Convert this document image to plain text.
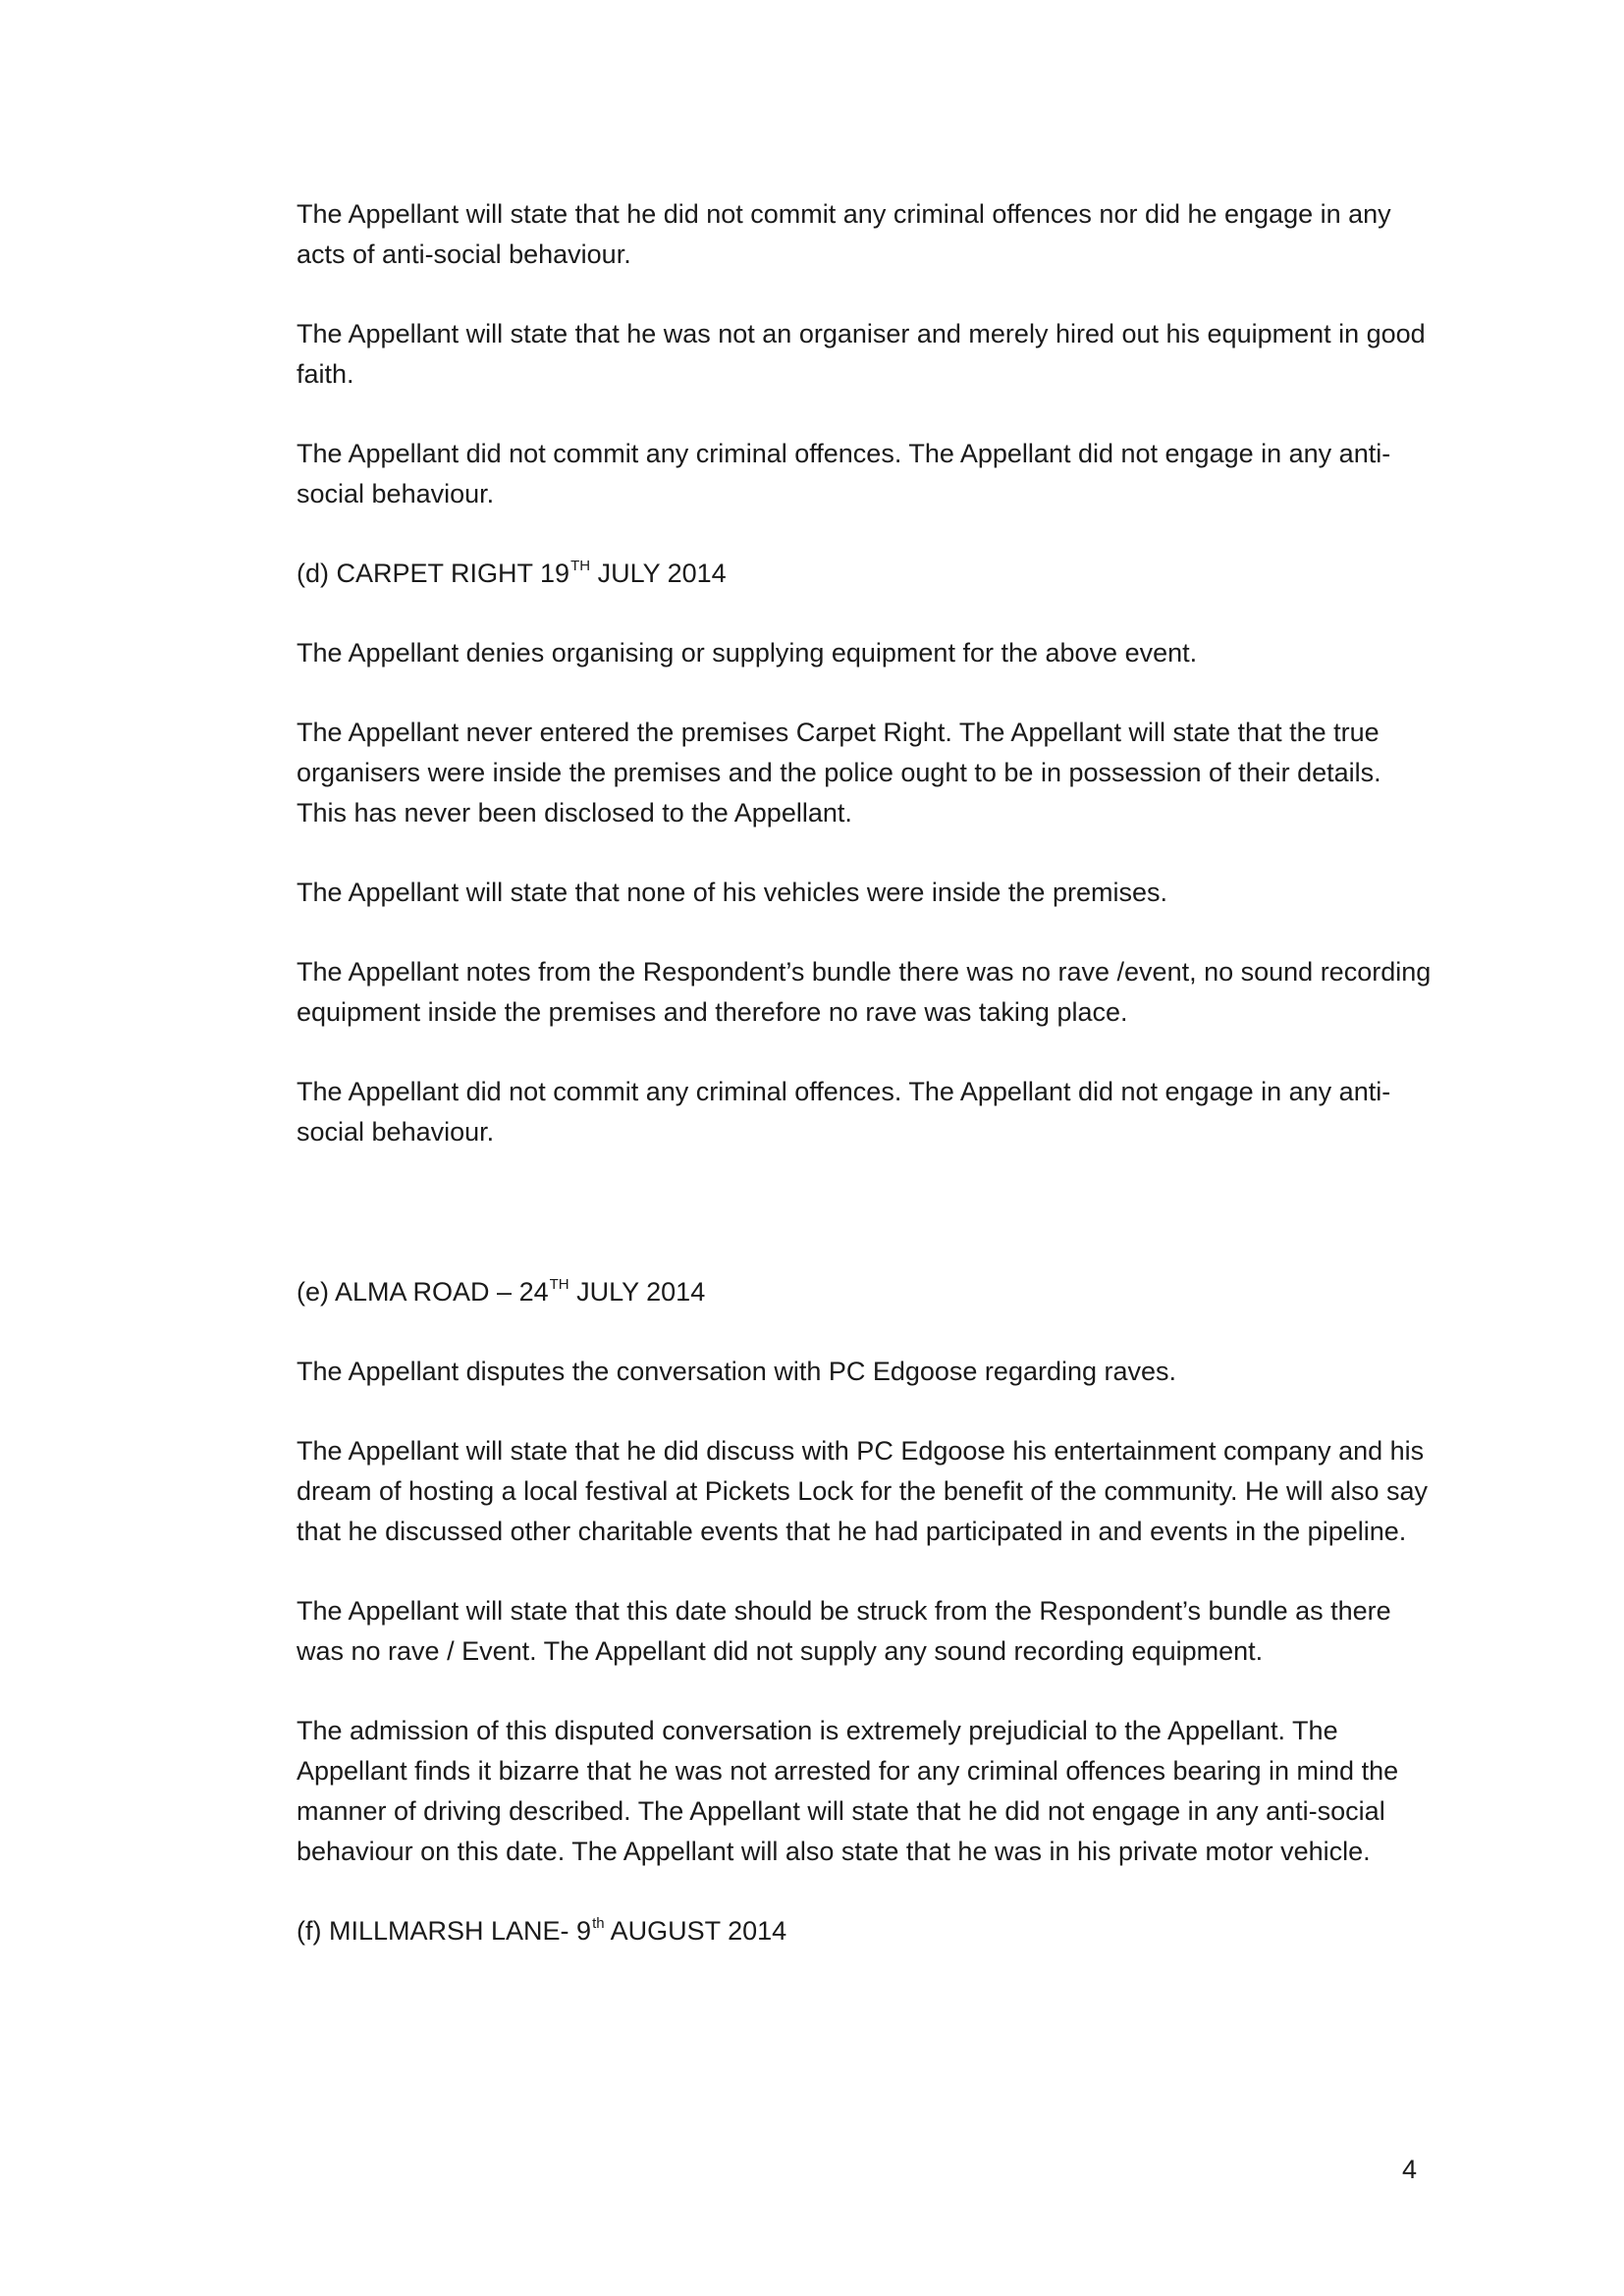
The Appellant will state that he did not commit any criminal offences nor did he engage in any acts of anti-social behaviour.

The Appellant will state that he was not an organiser and merely hired out his equipment in good faith.

The Appellant did not commit any criminal offences. The Appellant did not engage in any anti-social behaviour.

(d) CARPET RIGHT 19TH JULY 2014

The Appellant denies organising or supplying equipment for the above event.

The Appellant never entered the premises Carpet Right. The Appellant will state that the true organisers were inside the premises and the police ought to be in possession of their details. This has never been disclosed to the Appellant.

The Appellant will state that none of his vehicles were inside the premises.

The Appellant notes from the Respondent’s bundle there was no rave /event, no sound recording equipment inside the premises and therefore no rave was taking place.

The Appellant did not commit any criminal offences. The Appellant did not engage in any anti-social behaviour.

(e) ALMA ROAD – 24TH JULY 2014

The Appellant disputes the conversation with PC Edgoose regarding raves.

The Appellant will state that he did discuss with PC Edgoose his entertainment company and his dream of hosting a local festival at Pickets Lock for the benefit of the community. He will also say that he discussed other charitable events that he had participated in and events in the pipeline.

The Appellant will state that this date should be struck from the Respondent’s bundle as there was no rave / Event. The Appellant did not supply any sound recording equipment.

The admission of this disputed conversation is extremely prejudicial to the Appellant. The Appellant finds it bizarre that he was not arrested for any criminal offences bearing in mind the manner of driving described. The Appellant will state that he did not engage in any anti-social behaviour on this date. The Appellant will also state that he was in his private motor vehicle.

(f) MILLMARSH LANE- 9th AUGUST 2014

4
